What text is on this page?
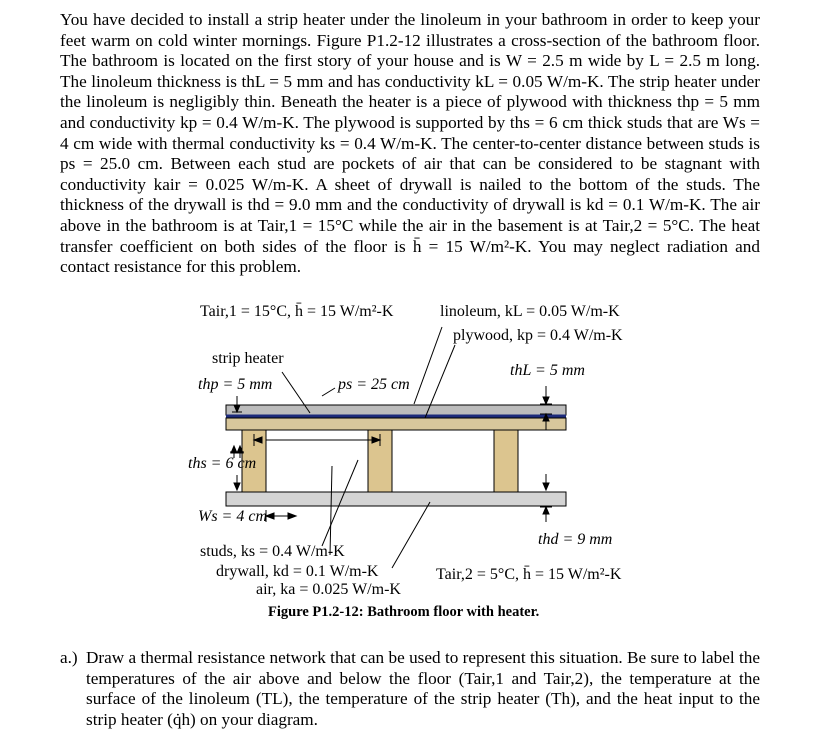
You have decided to install a strip heater under the linoleum in your bathroom in order to keep your feet warm on cold winter mornings. Figure P1.2-12 illustrates a cross-section of the bathroom floor. The bathroom is located on the first story of your house and is W = 2.5 m wide by L = 2.5 m long. The linoleum thickness is thL = 5 mm and has conductivity kL = 0.05 W/m-K. The strip heater under the linoleum is negligibly thin. Beneath the heater is a piece of plywood with thickness thp = 5 mm and conductivity kp = 0.4 W/m-K. The plywood is supported by ths = 6 cm thick studs that are Ws = 4 cm wide with thermal conductivity ks = 0.4 W/m-K. The center-to-center distance between studs is ps = 25.0 cm. Between each stud are pockets of air that can be considered to be stagnant with conductivity kair = 0.025 W/m-K. A sheet of drywall is nailed to the bottom of the studs. The thickness of the drywall is thd = 9.0 mm and the conductivity of drywall is kd = 0.1 W/m-K. The air above in the bathroom is at Tair,1 = 15°C while the air in the basement is at Tair,2 = 5°C. The heat transfer coefficient on both sides of the floor is h̄ = 15 W/m²-K. You may neglect radiation and contact resistance for this problem.

Tair,1 = 15°C, h̄ = 15 W/m²-K	linoleum, kL = 0.05 W/m-K
plywood, kp = 0.4 W/m-K
strip heater
thp = 5 mm	ps = 25 cm
thL = 5 mm
ths = 6 cm
Ws = 4 cm
thd = 9 mm
studs, ks = 0.4 W/m-K
drywall, kd = 0.1 W/m-K	Tair,2 = 5°C, h̄ = 15 W/m²-K
air, ka = 0.025 W/m-K
Figure P1.2-12: Bathroom floor with heater.
a.) Draw a thermal resistance network that can be used to represent this situation. Be sure to label the temperatures of the air above and below the floor (Tair,1 and Tair,2), the temperature at the surface of the linoleum (TL), the temperature of the strip heater (Th), and the heat input to the strip heater (q̇h) on your diagram.
